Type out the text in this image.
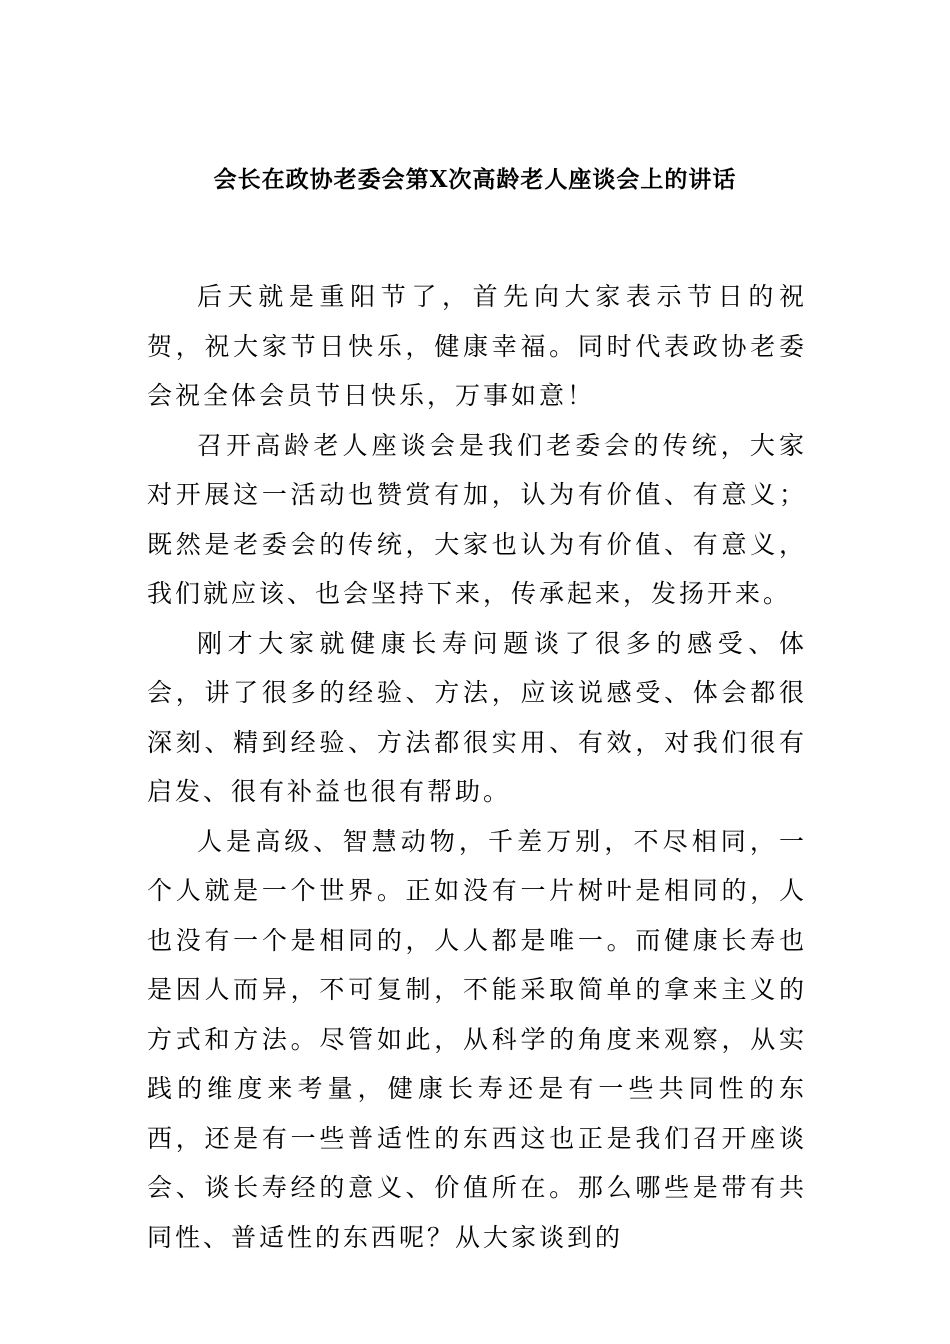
会长在政协老委会第X次高龄老人座谈会上的讲话

后天就是重阳节了，首先向大家表示节日的祝贺，祝大家节日快乐，健康幸福。同时代表政协老委会祝全体会员节日快乐，万事如意！

召开高龄老人座谈会是我们老委会的传统，大家对开展这一活动也赞赏有加，认为有价值、有意义；既然是老委会的传统，大家也认为有价值、有意义，我们就应该、也会坚持下来，传承起来，发扬开来。

刚才大家就健康长寿问题谈了很多的感受、体会，讲了很多的经验、方法，应该说感受、体会都很深刻、精到经验、方法都很实用、有效，对我们很有启发、很有补益也很有帮助。

人是高级、智慧动物，千差万别，不尽相同，一个人就是一个世界。正如没有一片树叶是相同的，人也没有一个是相同的，人人都是唯一。而健康长寿也是因人而异，不可复制，不能采取简单的拿来主义的方式和方法。尽管如此，从科学的角度来观察，从实践的维度来考量，健康长寿还是有一些共同性的东西，还是有一些普适性的东西这也正是我们召开座谈会、谈长寿经的意义、价值所在。那么哪些是带有共同性、普适性的东西呢？从大家谈到的
